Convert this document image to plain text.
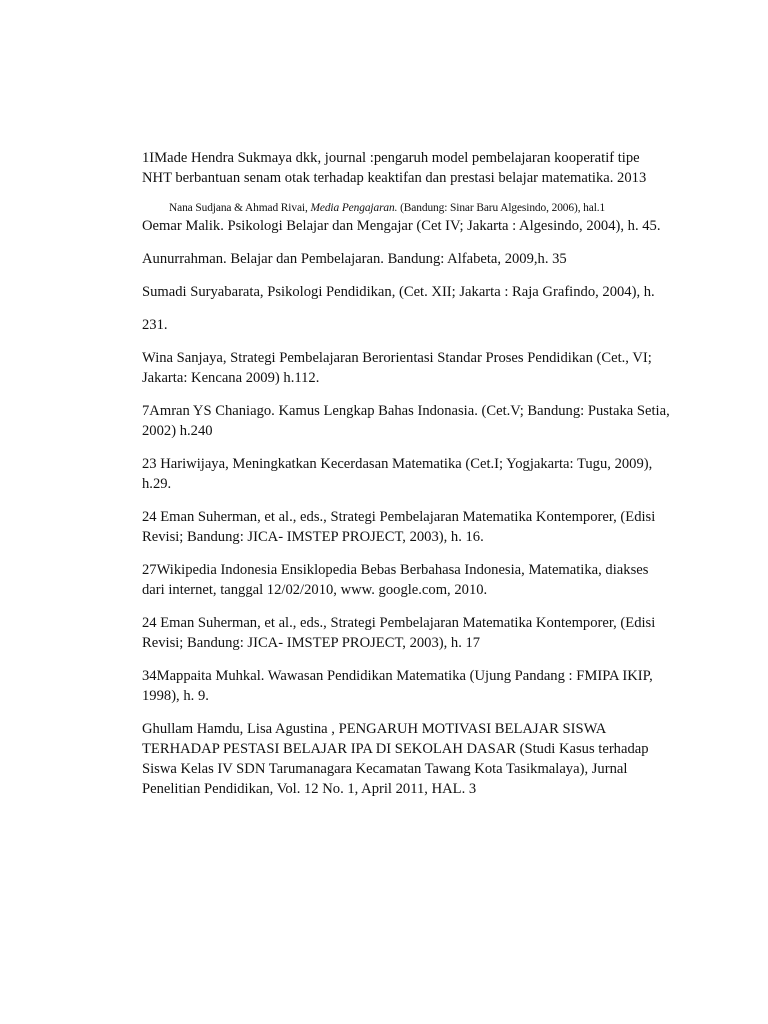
1IMade Hendra Sukmaya dkk, journal :pengaruh model pembelajaran kooperatif tipe NHT berbantuan senam otak terhadap keaktifan dan prestasi belajar matematika. 2013

Nana Sudjana & Ahmad Rivai, Media Pengajaran. (Bandung: Sinar Baru Algesindo, 2006), hal.1

Oemar Malik. Psikologi Belajar dan Mengajar (Cet IV; Jakarta : Algesindo, 2004), h. 45.

Aunurrahman. Belajar dan Pembelajaran. Bandung: Alfabeta, 2009,h. 35

Sumadi Suryabarata, Psikologi Pendidikan, (Cet. XII; Jakarta : Raja Grafindo, 2004), h.

231.

Wina Sanjaya, Strategi Pembelajaran Berorientasi Standar Proses Pendidikan (Cet., VI; Jakarta: Kencana 2009) h.112.

7Amran YS Chaniago. Kamus Lengkap Bahas Indonasia. (Cet.V; Bandung: Pustaka Setia, 2002) h.240

23 Hariwijaya, Meningkatkan Kecerdasan Matematika (Cet.I; Yogjakarta: Tugu, 2009), h.29.

24 Eman Suherman, et al., eds., Strategi Pembelajaran Matematika Kontemporer, (Edisi Revisi; Bandung: JICA- IMSTEP PROJECT, 2003), h. 16.

27Wikipedia Indonesia Ensiklopedia Bebas Berbahasa Indonesia, Matematika, diakses dari internet, tanggal 12/02/2010, www. google.com, 2010.

24 Eman Suherman, et al., eds., Strategi Pembelajaran Matematika Kontemporer, (Edisi Revisi; Bandung: JICA- IMSTEP PROJECT, 2003), h. 17

34Mappaita Muhkal. Wawasan Pendidikan Matematika (Ujung Pandang : FMIPA IKIP, 1998), h. 9.

Ghullam Hamdu, Lisa Agustina , PENGARUH MOTIVASI BELAJAR SISWA TERHADAP PESTASI BELAJAR IPA DI SEKOLAH DASAR (Studi Kasus terhadap Siswa Kelas IV SDN Tarumanagara Kecamatan Tawang Kota Tasikmalaya), Jurnal Penelitian Pendidikan, Vol. 12 No. 1, April 2011, HAL. 3
